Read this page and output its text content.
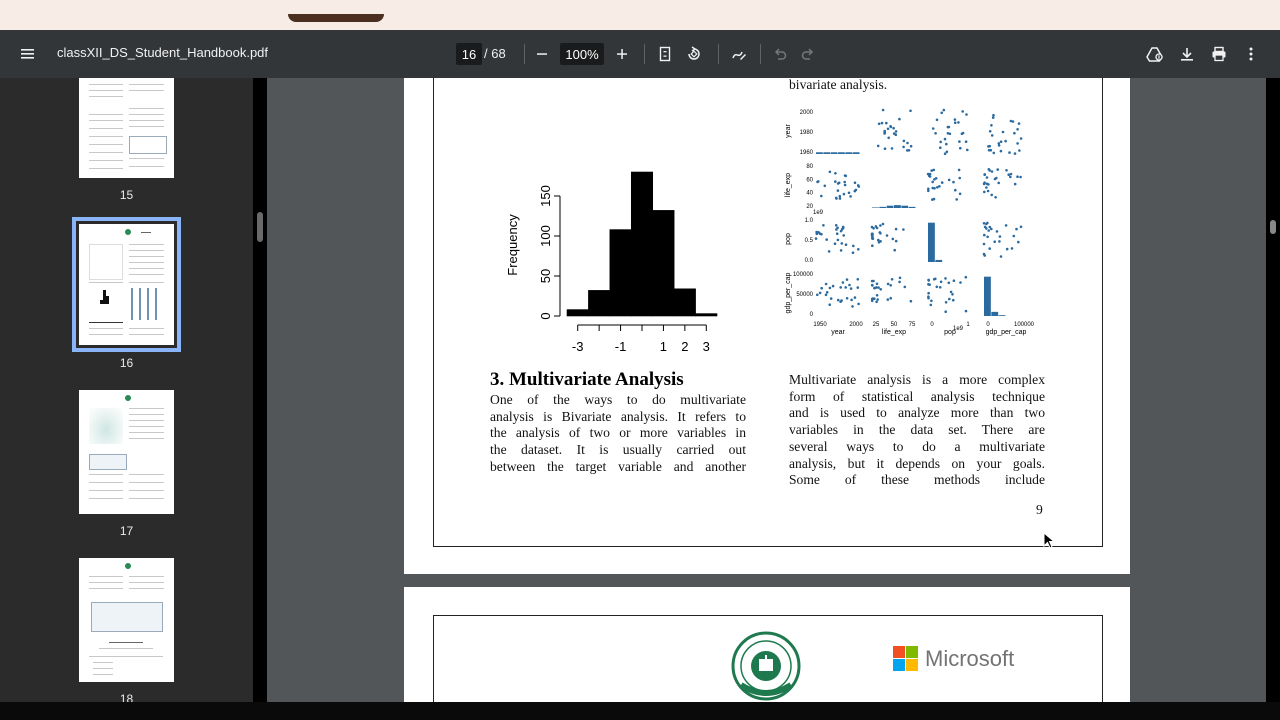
classXII_DS_Student_Handbook.pdf	16 / 68	100%
15
16
17
18
bivariate analysis.
0
50
100
150
-3 -1	1 2 3
Frequency
year
2000
1980
1960
life_exp
80
60
40
20
pop
1.0
0.5
0.0
gdp_per_cap 100000
50000
0
1950	2000
year
25 50 75
life_exp
0	1
pop
0	100000
gdp_per_cap
1e9
1e9
3. Multivariate Analysis
One of the ways to do multivariate
analysis is Bivariate analysis. It refers to
the analysis of two or more variables in
the dataset. It is usually carried out
between the target variable and another
Multivariate analysis is a more complex
form of statistical analysis technique
and is used to analyze more than two
variables in the data set. There are
several ways to do a multivariate
analysis, but it depends on your goals.
Some of these methods include
9
Microsoft
